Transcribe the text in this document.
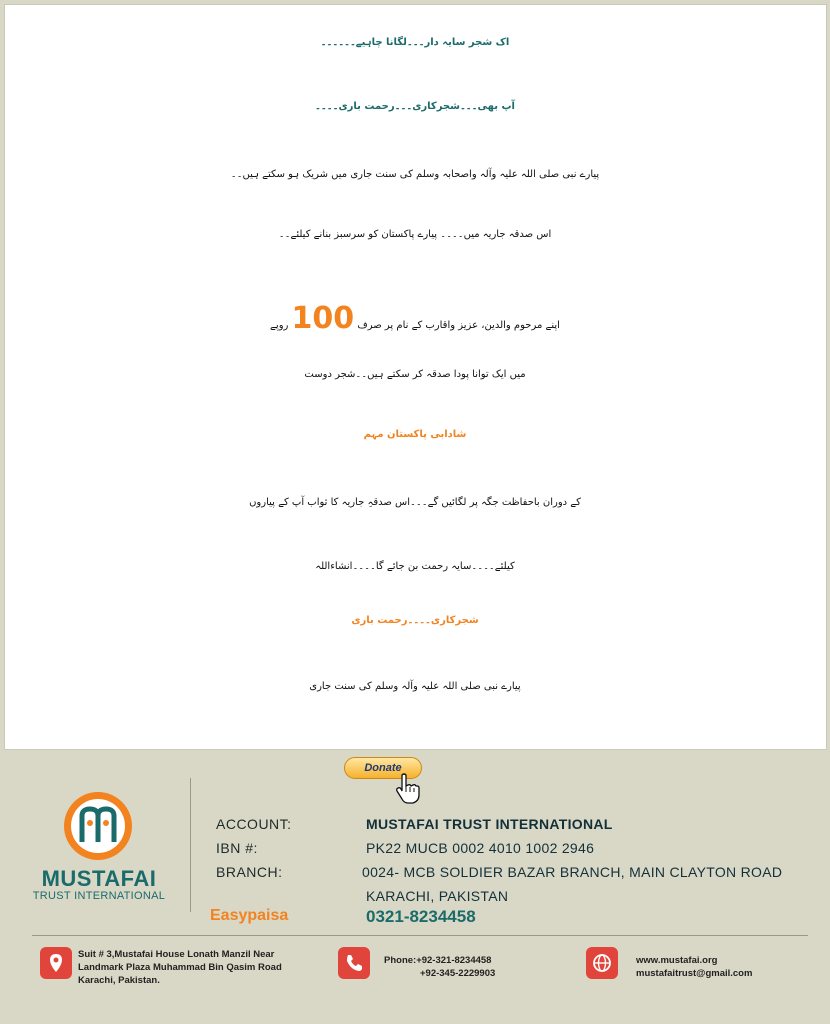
اک شجر سایہ دار۔۔۔لگانا چاہیے۔۔۔۔۔۔
آپ بھی۔۔۔شجرکاری۔۔۔رحمت باری۔۔۔۔
پیارے نبی صلی اللہ علیہ وآلہ واصحابہ وسلم کی سنت جاری میں شریک ہو سکتے ہیں۔۔
اس صدقہ جاریہ میں۔۔۔۔ پیارے پاکستان کو سرسبز بنانے کیلئے۔۔
اپنے مرحوم والدین، عزیز واقارب کے نام پر صرف 100 روپے
میں ایک توانا پودا صدقہ کر سکتے ہیں۔۔شجر دوست
شادابی پاکستان مہم
کے دوران باحفاظت جگہ پر لگائیں گے۔۔۔اس صدقہِ جاریہ کا ثواب آپ کے پیاروں
کیلئے۔۔۔۔سایہ رحمت بن جائے گا۔۔۔۔انشاءاللہ
شجرکاری۔۔۔۔رحمت باری
پیارے نبی صلی اللہ علیہ وآلہ وسلم کی سنت جاری
Donate
MUSTAFAI
TRUST INTERNATIONAL
ACCOUNT:	MUSTAFAI TRUST INTERNATIONAL
IBN #:	PK22 MUCB 0002 4010 1002 2946
BRANCH:	0024- MCB SOLDIER BAZAR BRANCH, MAIN CLAYTON ROAD
KARACHI, PAKISTAN
Easypaisa	0321-8234458
Suit # 3,Mustafai House Lonath Manzil Near
Landmark Plaza Muhammad Bin Qasim Road
Karachi, Pakistan.
Phone:+92-321-8234458
+92-345-2229903
www.mustafai.org
mustafaitrust@gmail.com
